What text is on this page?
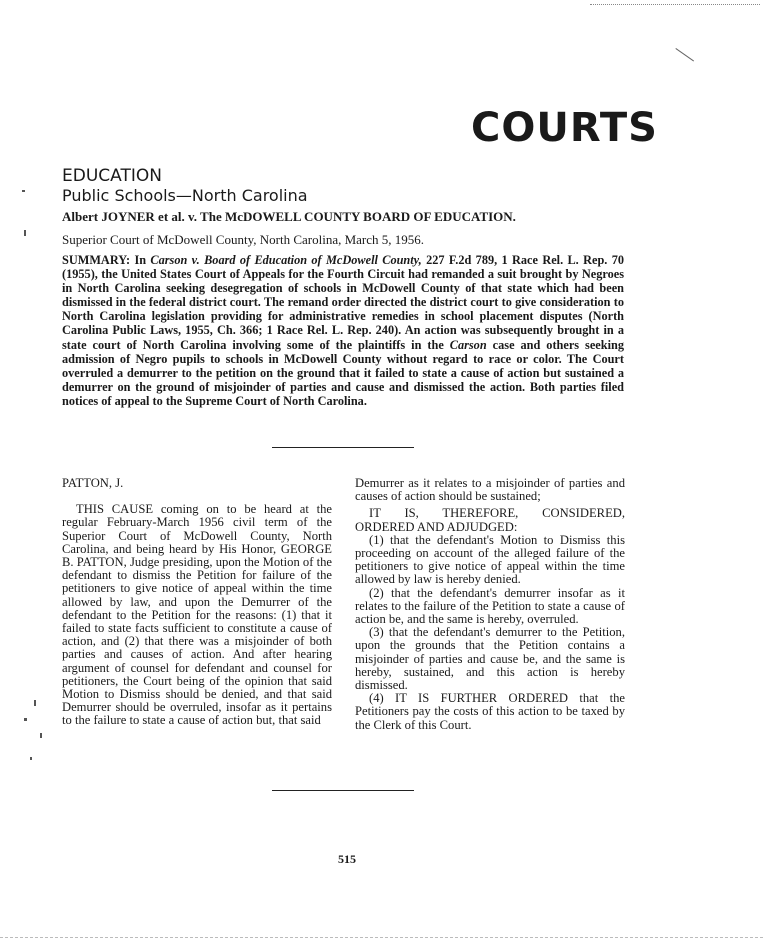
COURTS
EDUCATION
Public Schools—North Carolina
Albert JOYNER et al. v. The McDOWELL COUNTY BOARD OF EDUCATION.
Superior Court of McDowell County, North Carolina, March 5, 1956.
SUMMARY: In Carson v. Board of Education of McDowell County, 227 F.2d 789, 1 Race Rel. L. Rep. 70 (1955), the United States Court of Appeals for the Fourth Circuit had remanded a suit brought by Negroes in North Carolina seeking desegregation of schools in McDowell County of that state which had been dismissed in the federal district court. The remand order directed the district court to give consideration to North Carolina legislation providing for administrative remedies in school placement disputes (North Carolina Public Laws, 1955, Ch. 366; 1 Race Rel. L. Rep. 240). An action was subsequently brought in a state court of North Carolina involving some of the plaintiffs in the Carson case and others seeking admission of Negro pupils to schools in McDowell County without regard to race or color. The Court overruled a demurrer to the petition on the ground that it failed to state a cause of action but sustained a demurrer on the ground of misjoinder of parties and cause and dismissed the action. Both parties filed notices of appeal to the Supreme Court of North Carolina.

PATTON, J.

THIS CAUSE coming on to be heard at the regular February-March 1956 civil term of the Superior Court of McDowell County, North Carolina, and being heard by His Honor, GEORGE B. PATTON, Judge presiding, upon the Motion of the defendant to dismiss the Petition for failure of the petitioners to give notice of appeal within the time allowed by law, and upon the Demurrer of the defendant to the Petition for the reasons: (1) that it failed to state facts sufficient to constitute a cause of action, and (2) that there was a misjoinder of both parties and causes of action. And after hearing argument of counsel for defendant and counsel for petitioners, the Court being of the opinion that said Motion to Dismiss should be denied, and that said Demurrer should be overruled, insofar as it pertains to the failure to state a cause of action but, that said

Demurrer as it relates to a misjoinder of parties and causes of action should be sustained;

IT IS, THEREFORE, CONSIDERED, ORDERED AND ADJUDGED:

(1) that the defendant's Motion to Dismiss this proceeding on account of the alleged failure of the petitioners to give notice of appeal within the time allowed by law is hereby denied.

(2) that the defendant's demurrer insofar as it relates to the failure of the Petition to state a cause of action be, and the same is hereby, overruled.

(3) that the defendant's demurrer to the Petition, upon the grounds that the Petition contains a misjoinder of parties and cause be, and the same is hereby, sustained, and this action is hereby dismissed.

(4) IT IS FURTHER ORDERED that the Petitioners pay the costs of this action to be taxed by the Clerk of this Court.

515
